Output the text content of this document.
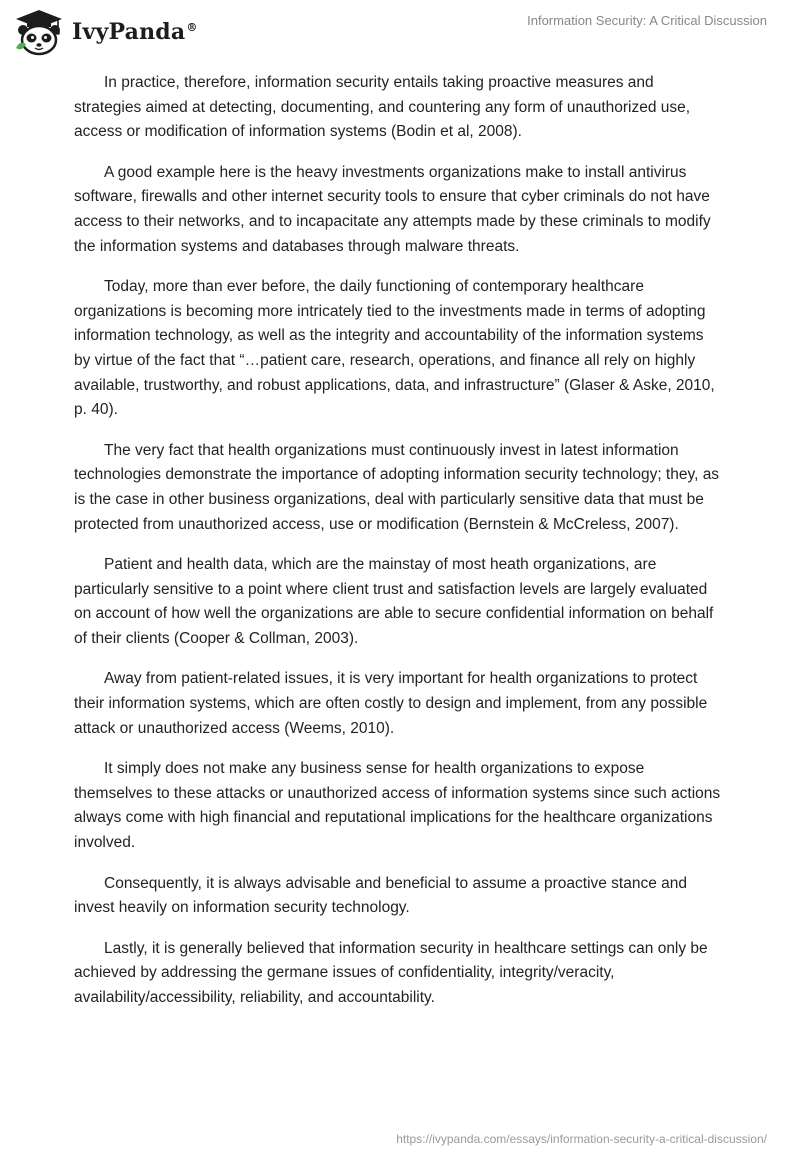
IvyPanda®	Information Security: A Critical Discussion

In practice, therefore, information security entails taking proactive measures and strategies aimed at detecting, documenting, and countering any form of unauthorized use, access or modification of information systems (Bodin et al, 2008).

A good example here is the heavy investments organizations make to install antivirus software, firewalls and other internet security tools to ensure that cyber criminals do not have access to their networks, and to incapacitate any attempts made by these criminals to modify the information systems and databases through malware threats.

Today, more than ever before, the daily functioning of contemporary healthcare organizations is becoming more intricately tied to the investments made in terms of adopting information technology, as well as the integrity and accountability of the information systems by virtue of the fact that “…patient care, research, operations, and finance all rely on highly available, trustworthy, and robust applications, data, and infrastructure” (Glaser & Aske, 2010, p. 40).

The very fact that health organizations must continuously invest in latest information technologies demonstrate the importance of adopting information security technology; they, as is the case in other business organizations, deal with particularly sensitive data that must be protected from unauthorized access, use or modification (Bernstein & McCreless, 2007).

Patient and health data, which are the mainstay of most heath organizations, are particularly sensitive to a point where client trust and satisfaction levels are largely evaluated on account of how well the organizations are able to secure confidential information on behalf of their clients (Cooper & Collman, 2003).

Away from patient-related issues, it is very important for health organizations to protect their information systems, which are often costly to design and implement, from any possible attack or unauthorized access (Weems, 2010).

It simply does not make any business sense for health organizations to expose themselves to these attacks or unauthorized access of information systems since such actions always come with high financial and reputational implications for the healthcare organizations involved.

Consequently, it is always advisable and beneficial to assume a proactive stance and invest heavily on information security technology.

Lastly, it is generally believed that information security in healthcare settings can only be achieved by addressing the germane issues of confidentiality, integrity/veracity, availability/accessibility, reliability, and accountability.

https://ivypanda.com/essays/information-security-a-critical-discussion/
